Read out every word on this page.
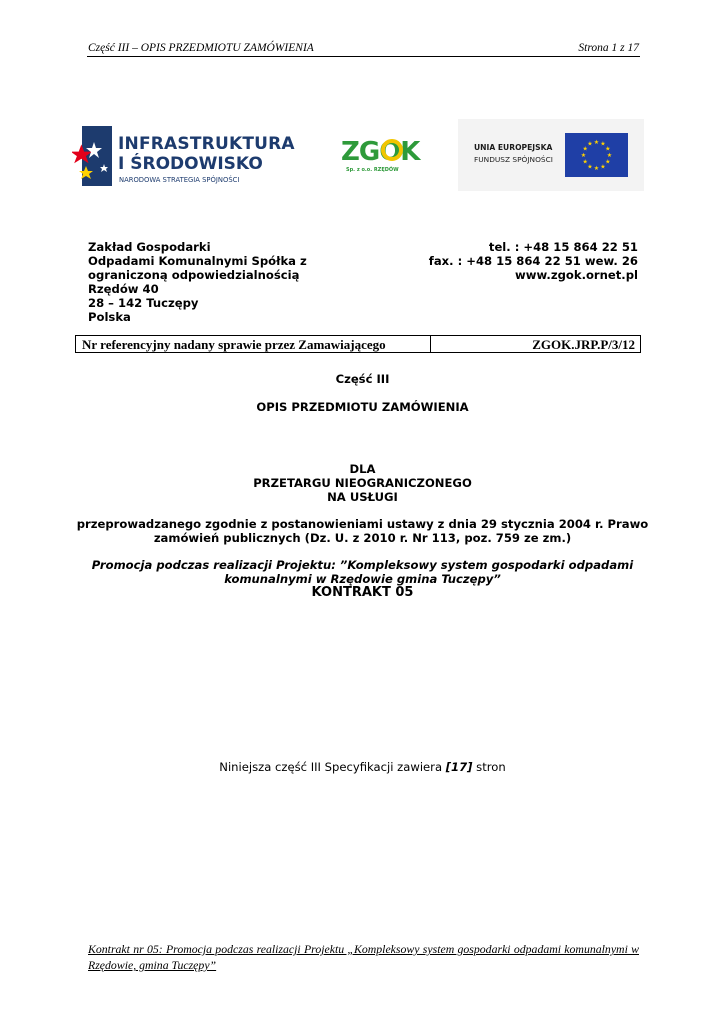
Część III – OPIS PRZEDMIOTU ZAMÓWIENIA	Strona 1 z 17
INFRASTRUKTURA
I ŚRODOWISKO
NARODOWA STRATEGIA SPÓJNOŚCI
ZGOK
Sp. z o.o. RZĘDÓW
UNIA EUROPEJSKA
FUNDUSZ SPÓJNOŚCI
★ ★
★
★
★
★
★
★
★
★
★
★
Zakład Gospodarki
Odpadami Komunalnymi Spółka z
ograniczoną odpowiedzialnością
Rzędów 40
28 – 142 Tuczępy
Polska
tel. : +48 15 864 22 51
fax. : +48 15 864 22 51 wew. 26
www.zgok.ornet.pl
Nr referencyjny nadany sprawie przez Zamawiającego	ZGOK.JRP.P/3/12
Część III
OPIS PRZEDMIOTU ZAMÓWIENIA
DLA
PRZETARGU NIEOGRANICZONEGO
NA USŁUGI
przeprowadzanego zgodnie z postanowieniami ustawy z dnia 29 stycznia 2004 r. Prawo
zamówień publicznych (Dz. U. z 2010 r. Nr 113, poz. 759 ze zm.)
Promocja podczas realizacji Projektu: ”Kompleksowy system gospodarki odpadami
komunalnymi w Rzędowie gmina Tuczępy”
KONTRAKT 05
Niniejsza część III Specyfikacji zawiera [17] stron
Kontrakt nr 05: Promocja podczas realizacji Projektu „Kompleksowy system gospodarki odpadami komunalnymi w Rzędowie, gmina Tuczępy”
